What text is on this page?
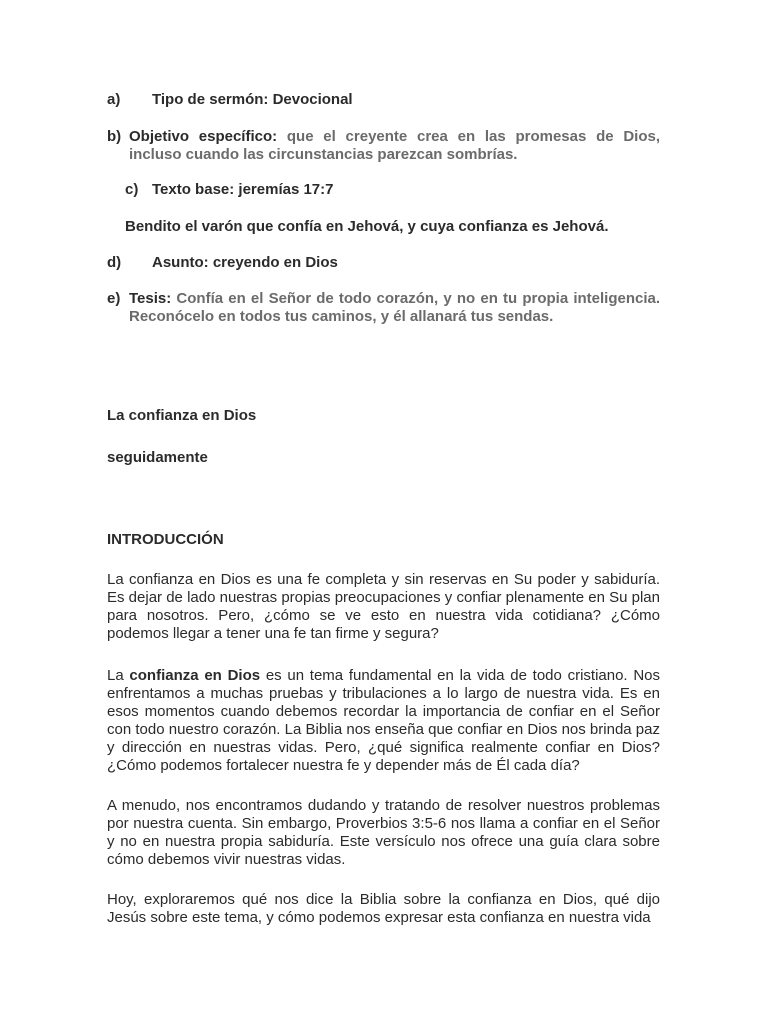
a) Tipo de sermón: Devocional
b) Objetivo específico: que el creyente crea en las promesas de Dios, incluso cuando las circunstancias parezcan sombrías.
c) Texto base: jeremías 17:7
Bendito el varón que confía en Jehová, y cuya confianza es Jehová.
d) Asunto: creyendo en Dios
e) Tesis: Confía en el Señor de todo corazón, y no en tu propia inteligencia. Reconócelo en todos tus caminos, y él allanará tus sendas.
La confianza en Dios
seguidamente
INTRODUCCIÓN

La confianza en Dios es una fe completa y sin reservas en Su poder y sabiduría. Es dejar de lado nuestras propias preocupaciones y confiar plenamente en Su plan para nosotros. Pero, ¿cómo se ve esto en nuestra vida cotidiana? ¿Cómo podemos llegar a tener una fe tan firme y segura?

La confianza en Dios es un tema fundamental en la vida de todo cristiano. Nos enfrentamos a muchas pruebas y tribulaciones a lo largo de nuestra vida. Es en esos momentos cuando debemos recordar la importancia de confiar en el Señor con todo nuestro corazón. La Biblia nos enseña que confiar en Dios nos brinda paz y dirección en nuestras vidas. Pero, ¿qué significa realmente confiar en Dios? ¿Cómo podemos fortalecer nuestra fe y depender más de Él cada día?

A menudo, nos encontramos dudando y tratando de resolver nuestros problemas por nuestra cuenta. Sin embargo, Proverbios 3:5-6 nos llama a confiar en el Señor y no en nuestra propia sabiduría. Este versículo nos ofrece una guía clara sobre cómo debemos vivir nuestras vidas.

Hoy, exploraremos qué nos dice la Biblia sobre la confianza en Dios, qué dijo Jesús sobre este tema, y cómo podemos expresar esta confianza en nuestra vida
